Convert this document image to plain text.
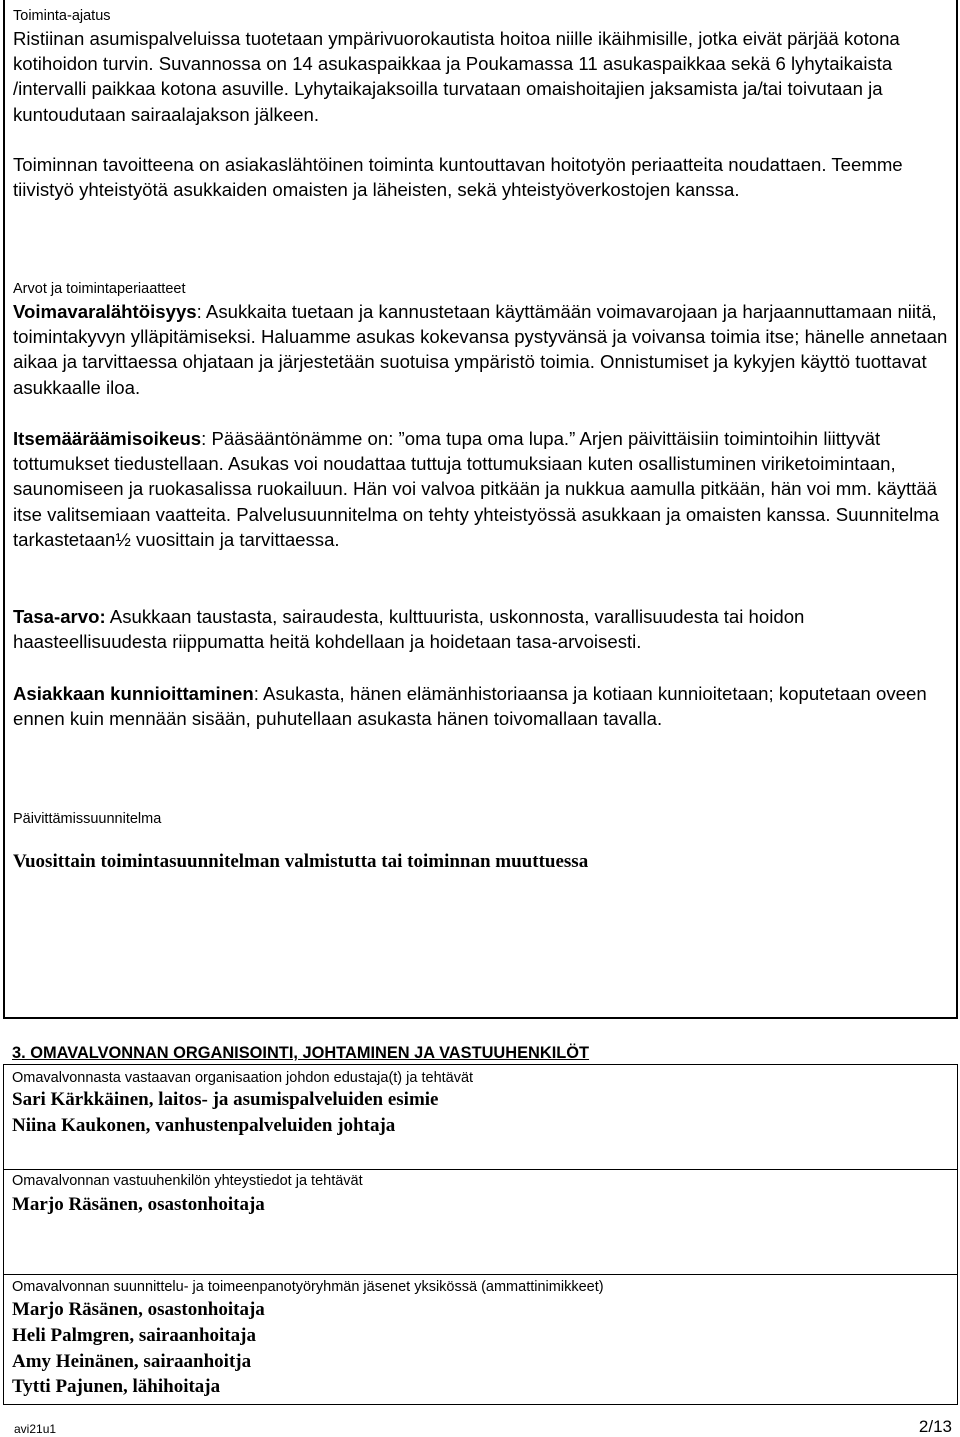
Toiminta-ajatus
Ristiinan asumispalveluissa tuotetaan ympärivuorokautista hoitoa niille ikäihmisille, jotka eivät pärjää kotona kotihoidon turvin. Suvannossa on 14 asukaspaikkaa ja Poukamassa 11 asukaspaikkaa sekä 6 lyhytaikaista /intervalli paikkaa kotona asuville. Lyhytaikajaksoilla turvataan omaishoitajien jaksamista ja/tai toivutaan ja kuntoudutaan sairaalajakson jälkeen.
Toiminnan tavoitteena on asiakaslähtöinen toiminta kuntouttavan hoitotyön periaatteita noudattaen. Teemme tiivistyö yhteistyötä asukkaiden omaisten ja läheisten, sekä yhteistyöverkostojen kanssa.
Arvot ja toimintaperiaatteet
Voimavaralähtöisyys: Asukkaita tuetaan ja kannustetaan käyttämään voimavarojaan ja harjaannuttamaan niitä, toimintakyvyn ylläpitämiseksi. Haluamme asukas kokevansa pystyvänsä ja voivansa toimia itse; hänelle annetaan aikaa ja tarvittaessa ohjataan ja järjestetään suotuisa ympäristö toimia. Onnistumiset ja kykyjen käyttö tuottavat asukkaalle iloa.
Itsemääräämisoikeus: Pääsääntönämme on: ”oma tupa oma lupa.” Arjen päivittäisiin toimintoihin liittyvät tottumukset tiedustellaan. Asukas voi noudattaa tuttuja tottumuksiaan kuten osallistuminen viriketoimintaan, saunomiseen ja ruokasalissa ruokailuun. Hän voi valvoa pitkään ja nukkua aamulla pitkään, hän voi mm. käyttää itse valitsemiaan vaatteita. Palvelusuunnitelma on tehty yhteistyössä asukkaan ja omaisten kanssa. Suunnitelma tarkastetaan½ vuosittain ja tarvittaessa.
Tasa-arvo: Asukkaan taustasta, sairaudesta, kulttuurista, uskonnosta, varallisuudesta tai hoidon haasteellisuudesta riippumatta heitä kohdellaan ja hoidetaan tasa-arvoisesti.
Asiakkaan kunnioittaminen: Asukasta, hänen elämänhistoriaansa ja kotiaan kunnioitetaan; koputetaan oveen ennen kuin mennään sisään, puhutellaan asukasta hänen toivomallaan tavalla.
Päivittämissuunnitelma
Vuosittain toimintasuunnitelman valmistutta tai toiminnan muuttuessa
3. OMAVALVONNAN ORGANISOINTI, JOHTAMINEN JA VASTUUHENKILÖT
Omavalvonnasta vastaavan organisaation johdon edustaja(t) ja tehtävät
Sari Kärkkäinen, laitos- ja asumispalveluiden esimie
Niina Kaukonen, vanhustenpalveluiden johtaja
Omavalvonnan vastuuhenkilön yhteystiedot ja tehtävät
Marjo Räsänen, osastonhoitaja
Omavalvonnan suunnittelu- ja toimeenpanotyöryhmän jäsenet yksikössä (ammattinimikkeet)
Marjo Räsänen, osastonhoitaja
Heli Palmgren, sairaanhoitaja
Amy Heinänen, sairaanhoitja
Tytti Pajunen, lähihoitaja
avi21u1	2/13
